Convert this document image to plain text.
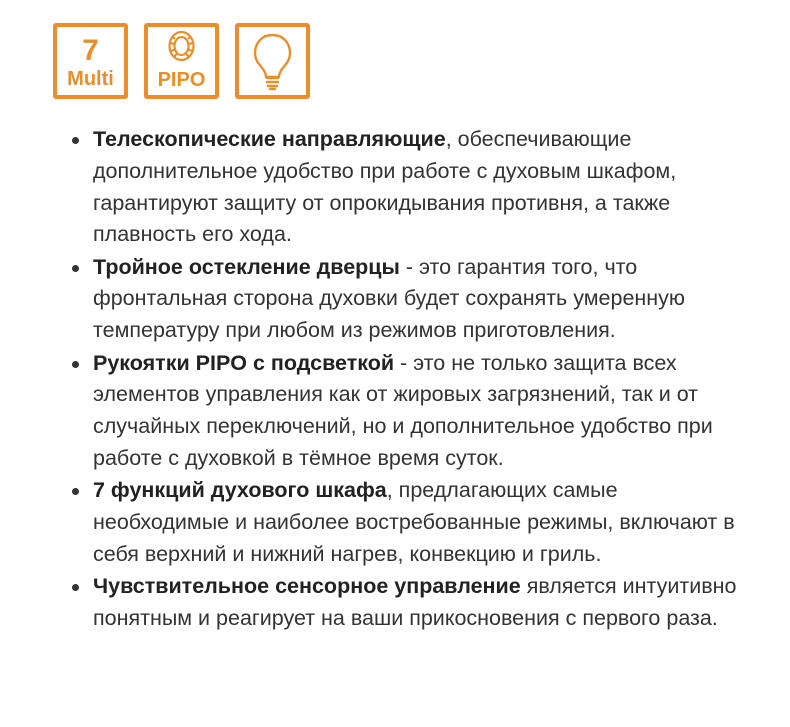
7
Multi PIPO
Телескопические направляющие, обеспечивающие дополнительное удобство при работе с духовым шкафом, гарантируют защиту от опрокидывания противня, а также плавность его хода.
Тройное остекление дверцы - это гарантия того, что фронтальная сторона духовки будет сохранять умеренную температуру при любом из режимов приготовления.
Рукоятки PIPO с подсветкой - это не только защита всех элементов управления как от жировых загрязнений, так и от случайных переключений, но и дополнительное удобство при работе с духовкой в тёмное время суток.
7 функций духового шкафа, предлагающих самые необходимые и наиболее востребованные режимы, включают в себя верхний и нижний нагрев, конвекцию и гриль.
Чувствительное сенсорное управление является интуитивно понятным и реагирует на ваши прикосновения с первого раза.
